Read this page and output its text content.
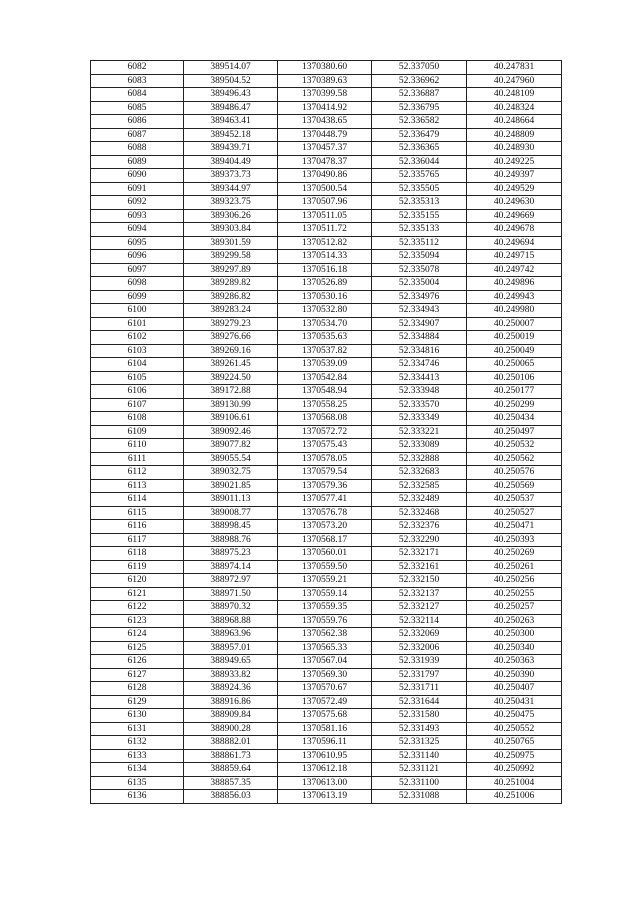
6082	389514.07	1370380.60	52.337050	40.247831
6083	389504.52	1370389.63	52.336962	40.247960
6084	389496.43	1370399.58	52.336887	40.248109
6085	389486.47	1370414.92	52.336795	40.248324
6086	389463.41	1370438.65	52.336582	40.248664
6087	389452.18	1370448.79	52.336479	40.248809
6088	389439.71	1370457.37	52.336365	40.248930
6089	389404.49	1370478.37	52.336044	40.249225
6090	389373.73	1370490.86	52.335765	40.249397
6091	389344.97	1370500.54	52.335505	40.249529
6092	389323.75	1370507.96	52.335313	40.249630
6093	389306.26	1370511.05	52.335155	40.249669
6094	389303.84	1370511.72	52.335133	40.249678
6095	389301.59	1370512.82	52.335112	40.249694
6096	389299.58	1370514.33	52.335094	40.249715
6097	389297.89	1370516.18	52.335078	40.249742
6098	389289.82	1370526.89	52.335004	40.249896
6099	389286.82	1370530.16	52.334976	40.249943
6100	389283.24	1370532.80	52.334943	40.249980
6101	389279.23	1370534.70	52.334907	40.250007
6102	389276.66	1370535.63	52.334884	40.250019
6103	389269.16	1370537.82	52.334816	40.250049
6104	389261.45	1370539.09	52.334746	40.250065
6105	389224.50	1370542.84	52.334413	40.250106
6106	389172.88	1370548.94	52.333948	40.250177
6107	389130.99	1370558.25	52.333570	40.250299
6108	389106.61	1370568.08	52.333349	40.250434
6109	389092.46	1370572.72	52.333221	40.250497
6110	389077.82	1370575.43	52.333089	40.250532
6111	389055.54	1370578.05	52.332888	40.250562
6112	389032.75	1370579.54	52.332683	40.250576
6113	389021.85	1370579.36	52.332585	40.250569
6114	389011.13	1370577.41	52.332489	40.250537
6115	389008.77	1370576.78	52.332468	40.250527
6116	388998.45	1370573.20	52.332376	40.250471
6117	388988.76	1370568.17	52.332290	40.250393
6118	388975.23	1370560.01	52.332171	40.250269
6119	388974.14	1370559.50	52.332161	40.250261
6120	388972.97	1370559.21	52.332150	40.250256
6121	388971.50	1370559.14	52.332137	40.250255
6122	388970.32	1370559.35	52.332127	40.250257
6123	388968.88	1370559.76	52.332114	40.250263
6124	388963.96	1370562.38	52.332069	40.250300
6125	388957.01	1370565.33	52.332006	40.250340
6126	388949.65	1370567.04	52.331939	40.250363
6127	388933.82	1370569.30	52.331797	40.250390
6128	388924.36	1370570.67	52.331711	40.250407
6129	388916.86	1370572.49	52.331644	40.250431
6130	388909.84	1370575.68	52.331580	40.250475
6131	388900.28	1370581.16	52.331493	40.250552
6132	388882.01	1370596.11	52.331325	40.250765
6133	388861.73	1370610.95	52.331140	40.250975
6134	388859.64	1370612.18	52.331121	40.250992
6135	388857.35	1370613.00	52.331100	40.251004
6136	388856.03	1370613.19	52.331088	40.251006
